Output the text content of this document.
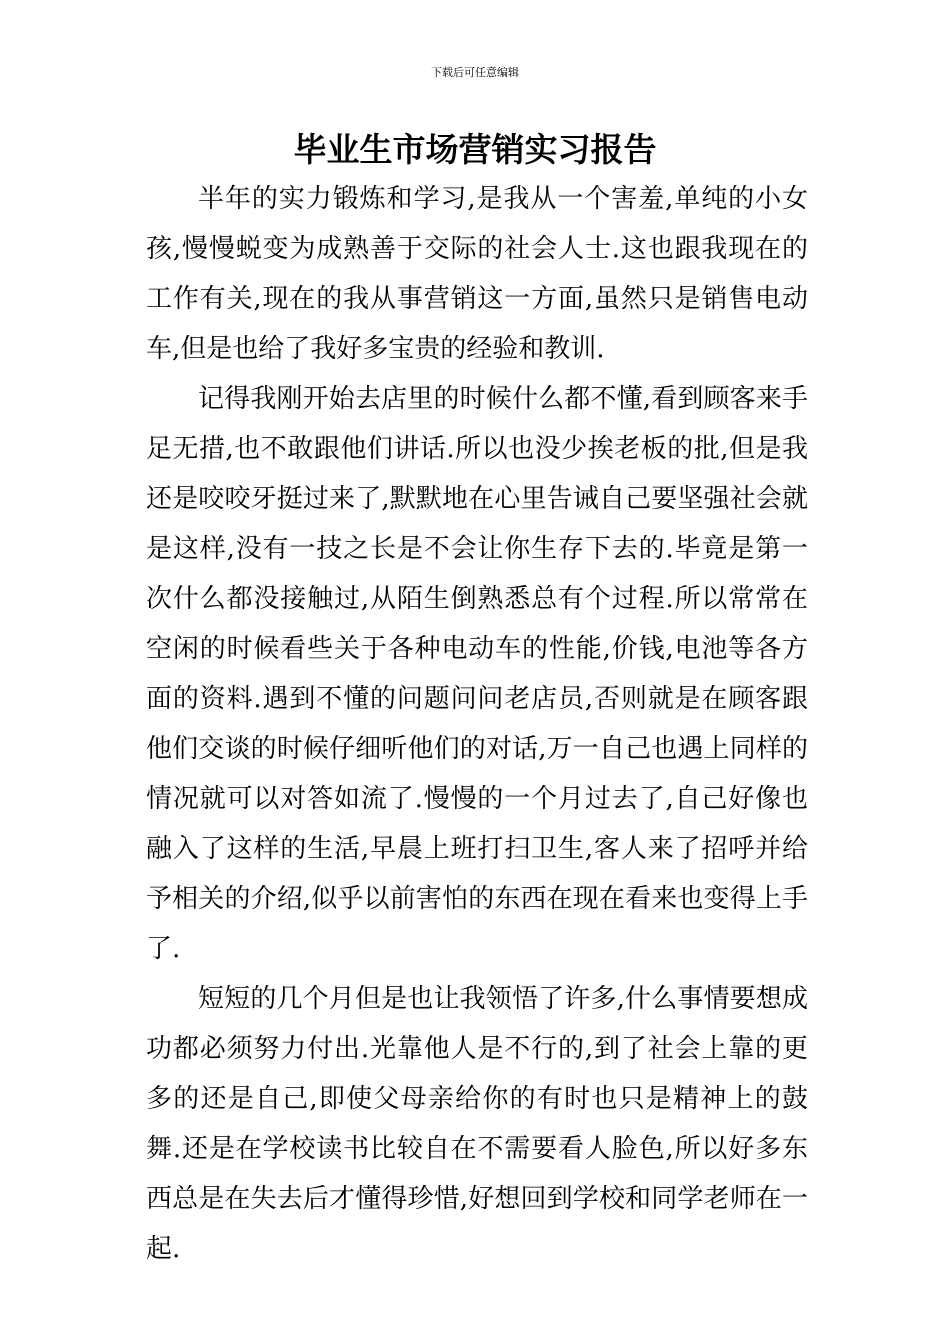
下载后可任意编辑
毕业生市场营销实习报告

半年的实力锻炼和学习,是我从一个害羞,单纯的小女孩,慢慢蜕变为成熟善于交际的社会人士.这也跟我现在的工作有关,现在的我从事营销这一方面,虽然只是销售电动车,但是也给了我好多宝贵的经验和教训.

记得我刚开始去店里的时候什么都不懂,看到顾客来手足无措,也不敢跟他们讲话.所以也没少挨老板的批,但是我还是咬咬牙挺过来了,默默地在心里告诫自己要坚强社会就是这样,没有一技之长是不会让你生存下去的.毕竟是第一次什么都没接触过,从陌生倒熟悉总有个过程.所以常常在空闲的时候看些关于各种电动车的性能,价钱,电池等各方面的资料.遇到不懂的问题问问老店员,否则就是在顾客跟他们交谈的时候仔细听他们的对话,万一自己也遇上同样的情况就可以对答如流了.慢慢的一个月过去了,自己好像也融入了这样的生活,早晨上班打扫卫生,客人来了招呼并给予相关的介绍,似乎以前害怕的东西在现在看来也变得上手了.

短短的几个月但是也让我领悟了许多,什么事情要想成功都必须努力付出.光靠他人是不行的,到了社会上靠的更多的还是自己,即使父母亲给你的有时也只是精神上的鼓舞.还是在学校读书比较自在不需要看人脸色,所以好多东西总是在失去后才懂得珍惜,好想回到学校和同学老师在一起.
